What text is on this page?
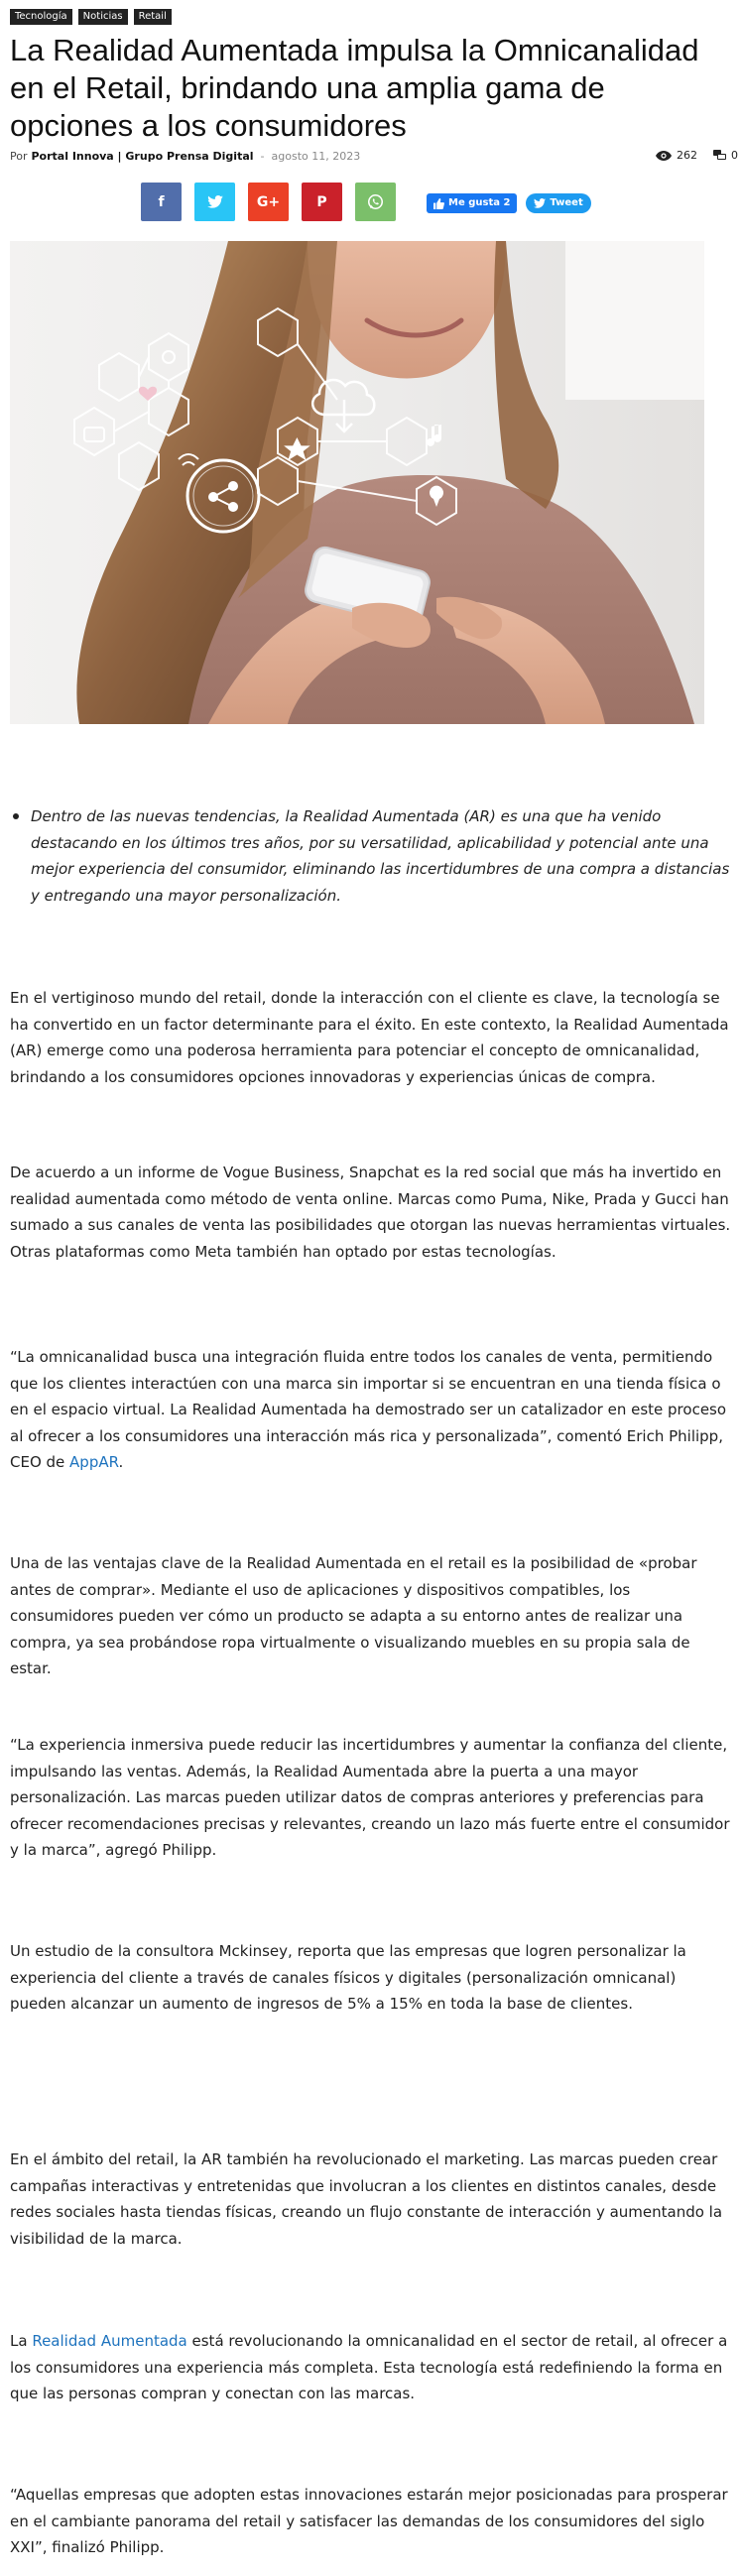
Tecnología	Noticias	Retail
La Realidad Aumentada impulsa la Omnicanalidad en el Retail, brindando una amplia gama de opciones a los consumidores
Por Portal Innova | Grupo Prensa Digital - agosto 11, 2023	262	0
f	G+	P	Me gusta 2	Tweet

Dentro de las nuevas tendencias, la Realidad Aumentada (AR) es una que ha venido destacando en los últimos tres años, por su versatilidad, aplicabilidad y potencial ante una mejor experiencia del consumidor, eliminando las incertidumbres de una compra a distancias y entregando una mayor personalización.

En el vertiginoso mundo del retail, donde la interacción con el cliente es clave, la tecnología se ha convertido en un factor determinante para el éxito. En este contexto, la Realidad Aumentada (AR) emerge como una poderosa herramienta para potenciar el concepto de omnicanalidad, brindando a los consumidores opciones innovadoras y experiencias únicas de compra.

De acuerdo a un informe de Vogue Business, Snapchat es la red social que más ha invertido en realidad aumentada como método de venta online. Marcas como Puma, Nike, Prada y Gucci han sumado a sus canales de venta las posibilidades que otorgan las nuevas herramientas virtuales. Otras plataformas como Meta también han optado por estas tecnologías.

“La omnicanalidad busca una integración fluida entre todos los canales de venta, permitiendo que los clientes interactúen con una marca sin importar si se encuentran en una tienda física o en el espacio virtual. La Realidad Aumentada ha demostrado ser un catalizador en este proceso al ofrecer a los consumidores una interacción más rica y personalizada”, comentó Erich Philipp, CEO de AppAR.

Una de las ventajas clave de la Realidad Aumentada en el retail es la posibilidad de «probar antes de comprar». Mediante el uso de aplicaciones y dispositivos compatibles, los consumidores pueden ver cómo un producto se adapta a su entorno antes de realizar una compra, ya sea probándose ropa virtualmente o visualizando muebles en su propia sala de estar.

“La experiencia inmersiva puede reducir las incertidumbres y aumentar la confianza del cliente, impulsando las ventas. Además, la Realidad Aumentada abre la puerta a una mayor personalización. Las marcas pueden utilizar datos de compras anteriores y preferencias para ofrecer recomendaciones precisas y relevantes, creando un lazo más fuerte entre el consumidor y la marca”, agregó Philipp.

Un estudio de la consultora Mckinsey, reporta que las empresas que logren personalizar la experiencia del cliente a través de canales físicos y digitales (personalización omnicanal) pueden alcanzar un aumento de ingresos de 5% a 15% en toda la base de clientes.

En el ámbito del retail, la AR también ha revolucionado el marketing. Las marcas pueden crear campañas interactivas y entretenidas que involucran a los clientes en distintos canales, desde redes sociales hasta tiendas físicas, creando un flujo constante de interacción y aumentando la visibilidad de la marca.

La Realidad Aumentada está revolucionando la omnicanalidad en el sector de retail, al ofrecer a los consumidores una experiencia más completa. Esta tecnología está redefiniendo la forma en que las personas compran y conectan con las marcas.

“Aquellas empresas que adopten estas innovaciones estarán mejor posicionadas para prosperar en el cambiante panorama del retail y satisfacer las demandas de los consumidores del siglo XXI”, finalizó Philipp.
